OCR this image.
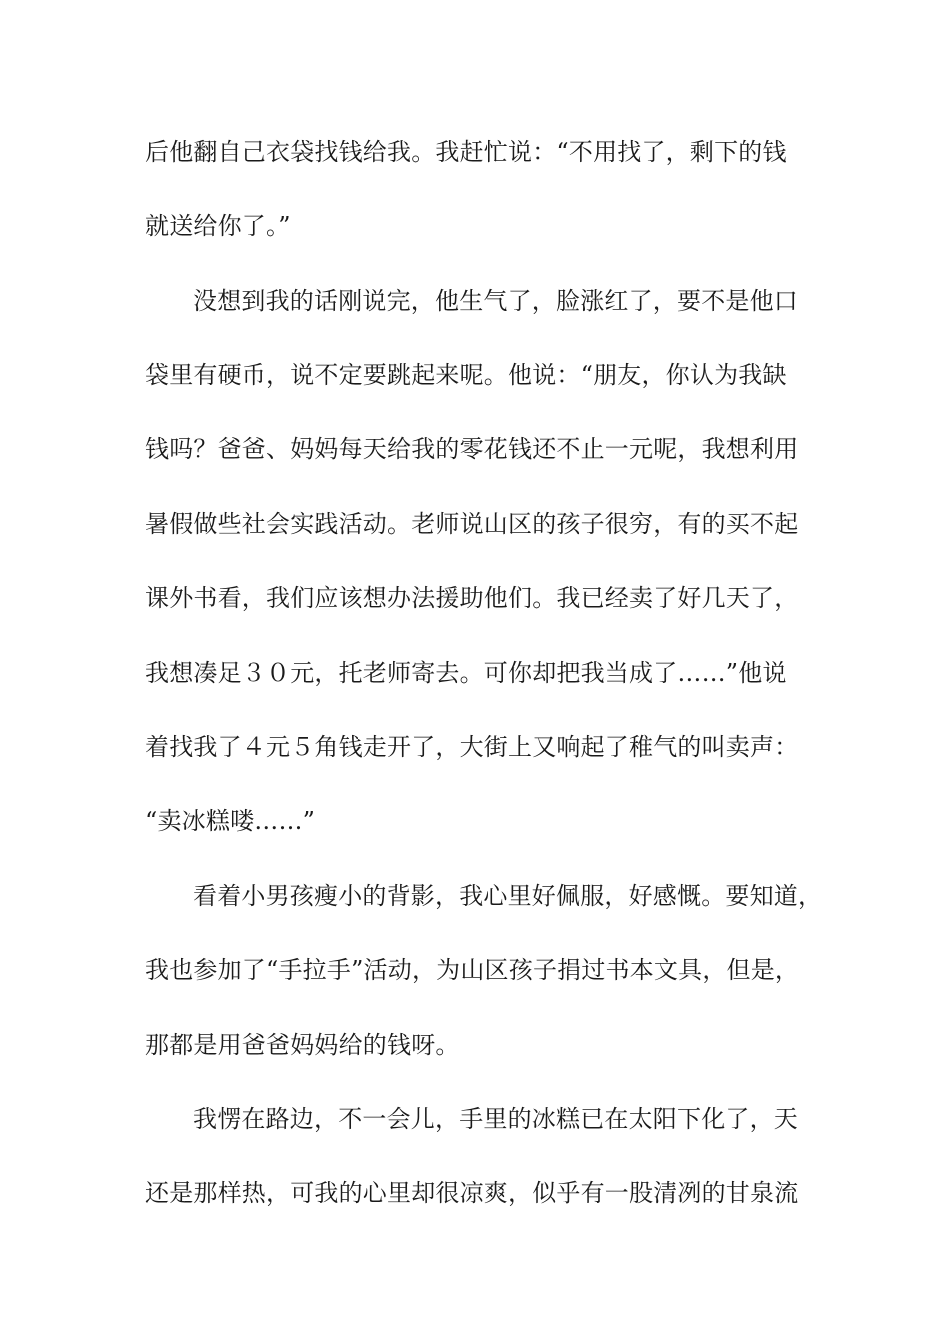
后他翻自己衣袋找钱给我。我赶忙说：“不用找了，剩下的钱
就送给你了。”
没想到我的话刚说完，他生气了，脸涨红了，要不是他口
袋里有硬币，说不定要跳起来呢。他说：“朋友，你认为我缺
钱吗？爸爸、妈妈每天给我的零花钱还不止一元呢，我想利用
暑假做些社会实践活动。老师说山区的孩子很穷，有的买不起
课外书看，我们应该想办法援助他们。我已经卖了好几天了，
我想凑足３０元，托老师寄去。可你却把我当成了……”他说
着找我了４元５角钱走开了，大街上又响起了稚气的叫卖声：
“卖冰糕喽……”
看着小男孩瘦小的背影，我心里好佩服，好感慨。要知道，
我也参加了“手拉手”活动，为山区孩子捐过书本文具，但是，
那都是用爸爸妈妈给的钱呀。
我愣在路边，不一会儿，手里的冰糕已在太阳下化了，天
还是那样热，可我的心里却很凉爽，似乎有一股清冽的甘泉流
